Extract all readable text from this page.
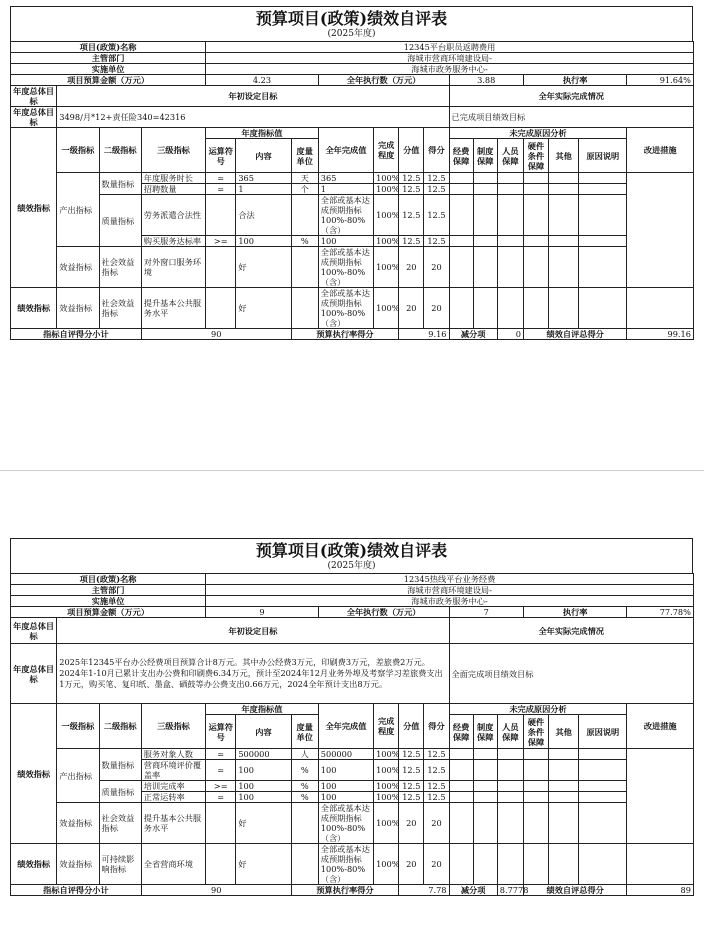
预算项目(政策)绩效自评表
(2025年度)
项目(政策)名称				12345平台职员返聘费用													
主管部门				海城市营商环境建设局-													
实施单位				海城市政务服务中心-													
项目预算金额（万元）				4.23			全年执行数（万元）				3.88			执行率			91.64%
年度总体目标	年初设定目标										全年实际完成情况						
年度总体目标	3498/月*12+责任险340=42316										已完成项目绩效目标						
绩效指标	一级指标	二级指标	三级指标	年度指标值			全年完成值	完成程度	分值	得分	未完成原因分析						改进措施
				运算符号	内容	度量单位					经费保障	制度保障	人员保障	硬件条件保障	其他	原因说明	
	产出指标	数量指标	年度服务时长	=	365	天	365	100%	12.5	12.5							
			招聘数量	=	1	个	1	100%	12.5	12.5							
		质量指标	劳务派遣合法性		合法		全部或基本达成预期指标100%-80%（含）	100%	12.5	12.5							
			购买服务达标率	>=	100	%	100	100%	12.5	12.5							
	效益指标	社会效益指标	对外窗口服务环境		好		全部或基本达成预期指标100%-80%（含）	100%	20	20							
绩效指标	效益指标	社会效益指标	提升基本公共服务水平		好		全部或基本达成预期指标100%-80%（含）	100%	20	20							
指标自评得分小计			90			预算执行率得分			9.16		减分项		0	绩效自评总得分			99.16
预算项目(政策)绩效自评表
(2025年度)
项目(政策)名称				12345热线平台业务经费													
主管部门				海城市营商环境建设局-													
实施单位				海城市政务服务中心-													
项目预算金额（万元）				9			全年执行数（万元）				7			执行率			77.78%
年度总体目标	年初设定目标										全年实际完成情况						
年度总体目标	2025年12345平台办公经费项目预算合计8万元。其中办公经费3万元，印刷费3万元，差旅费2万元。2024年1-10月已累计支出办公费和印刷费6.34万元，预计至2024年12月业务外埠及考察学习差旅费支出1万元，购买笔、复印纸、墨盒、硒鼓等办公费支出0.66万元，2024全年预计支出8万元。										全面完成项目绩效目标						
绩效指标	一级指标	二级指标	三级指标	年度指标值			全年完成值	完成程度	分值	得分	未完成原因分析						改进措施
				运算符号	内容	度量单位					经费保障	制度保障	人员保障	硬件条件保障	其他	原因说明	
	产出指标	数量指标	服务对象人数	=	500000	人	500000	100%	12.5	12.5							
			营商环境评价覆盖率	=	100	%	100	100%	12.5	12.5							
		质量指标	培训完成率	>=	100	%	100	100%	12.5	12.5							
			正常运转率	=	100	%	100	100%	12.5	12.5							
	效益指标	社会效益指标	提升基本公共服务水平		好		全部或基本达成预期指标100%-80%（含）	100%	20	20							
绩效指标	效益指标	可持续影响指标	全省营商环境		好		全部或基本达成预期指标100%-80%（含）	100%	20	20							
指标自评得分小计			90			预算执行率得分			7.78		减分项		8.7778	绩效自评总得分			89
